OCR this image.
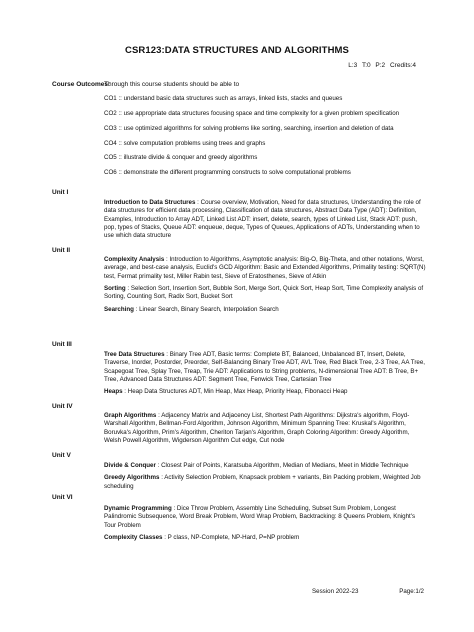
CSR123:DATA STRUCTURES AND ALGORITHMS
L:3 T:0 P:2 Credits:4
Course Outcomes:
Through this course students should be able to
CO1 :: understand basic data structures such as arrays, linked lists, stacks and queues
CO2 :: use appropriate data structures focusing space and time complexity for a given problem specification
CO3 :: use optimized algorithms for solving problems like sorting, searching, insertion and deletion of data
CO4 :: solve computation problems using trees and graphs
CO5 :: illustrate divide & conquer and greedy algorithms
CO6 :: demonstrate the different programming constructs to solve computational problems
Unit I
Introduction to Data Structures : Course overview, Motivation, Need for data structures, Understanding the role of data structures for efficient data processing, Classification of data structures, Abstract Data Type (ADT): Definition, Examples, Introduction to Array ADT, Linked List ADT: insert, delete, search, types of Linked List, Stack ADT: push, pop, types of Stacks, Queue ADT: enqueue, deque, Types of Queues, Applications of ADTs, Understanding when to use which data structure
Unit II
Complexity Analysis : Introduction to Algorithms, Asymptotic analysis: Big-O, Big-Theta, and other notations, Worst, average, and best-case analysis, Euclid's GCD Algorithm: Basic and Extended Algorithms, Primality testing: SQRT(N) test, Fermat primality test, Miller Rabin test, Sieve of Eratosthenes, Sieve of Atkin
Sorting : Selection Sort, Insertion Sort, Bubble Sort, Merge Sort, Quick Sort, Heap Sort, Time Complexity analysis of Sorting, Counting Sort, Radix Sort, Bucket Sort
Searching : Linear Search, Binary Search, Interpolation Search
Unit III
Tree Data Structures : Binary Tree ADT, Basic terms: Complete BT, Balanced, Unbalanced BT, Insert, Delete, Traverse, Inorder, Postorder, Preorder, Self-Balancing Binary Tree ADT, AVL Tree, Red Black Tree, 2-3 Tree, AA Tree, Scapegoat Tree, Splay Tree, Treap, Trie ADT: Applications to String problems, N-dimensional Tree ADT: B Tree, B+ Tree, Advanced Data Structures ADT: Segment Tree, Fenwick Tree, Cartesian Tree
Heaps : Heap Data Structures ADT, Min Heap, Max Heap, Priority Heap, Fibonacci Heap
Unit IV
Graph Algorithms : Adjacency Matrix and Adjacency List, Shortest Path Algorithms: Dijkstra's algorithm, Floyd-Warshall Algorithm, Bellman-Ford Algorithm, Johnson Algorithm, Minimum Spanning Tree: Kruskal's Algorithm, Boruvka's Algorithm, Prim's Algorithm, Cheriton Tarjan's Algorithm, Graph Coloring Algorithm: Greedy Algorithm, Welsh Powell Algorithm, Wigderson Algorithm Cut edge, Cut node
Unit V
Divide & Conquer : Closest Pair of Points, Karatsuba Algorithm, Median of Medians, Meet in Middle Technique
Greedy Algorithms : Activity Selection Problem, Knapsack problem + variants, Bin Packing problem, Weighted Job scheduling
Unit VI
Dynamic Programming : Dice Throw Problem, Assembly Line Scheduling, Subset Sum Problem, Longest Palindromic Subsequence, Word Break Problem, Word Wrap Problem, Backtracking: 8 Queens Problem, Knight's Tour Problem
Complexity Classes : P class, NP-Complete, NP-Hard, P=NP problem
Session 2022-23	Page:1/2
